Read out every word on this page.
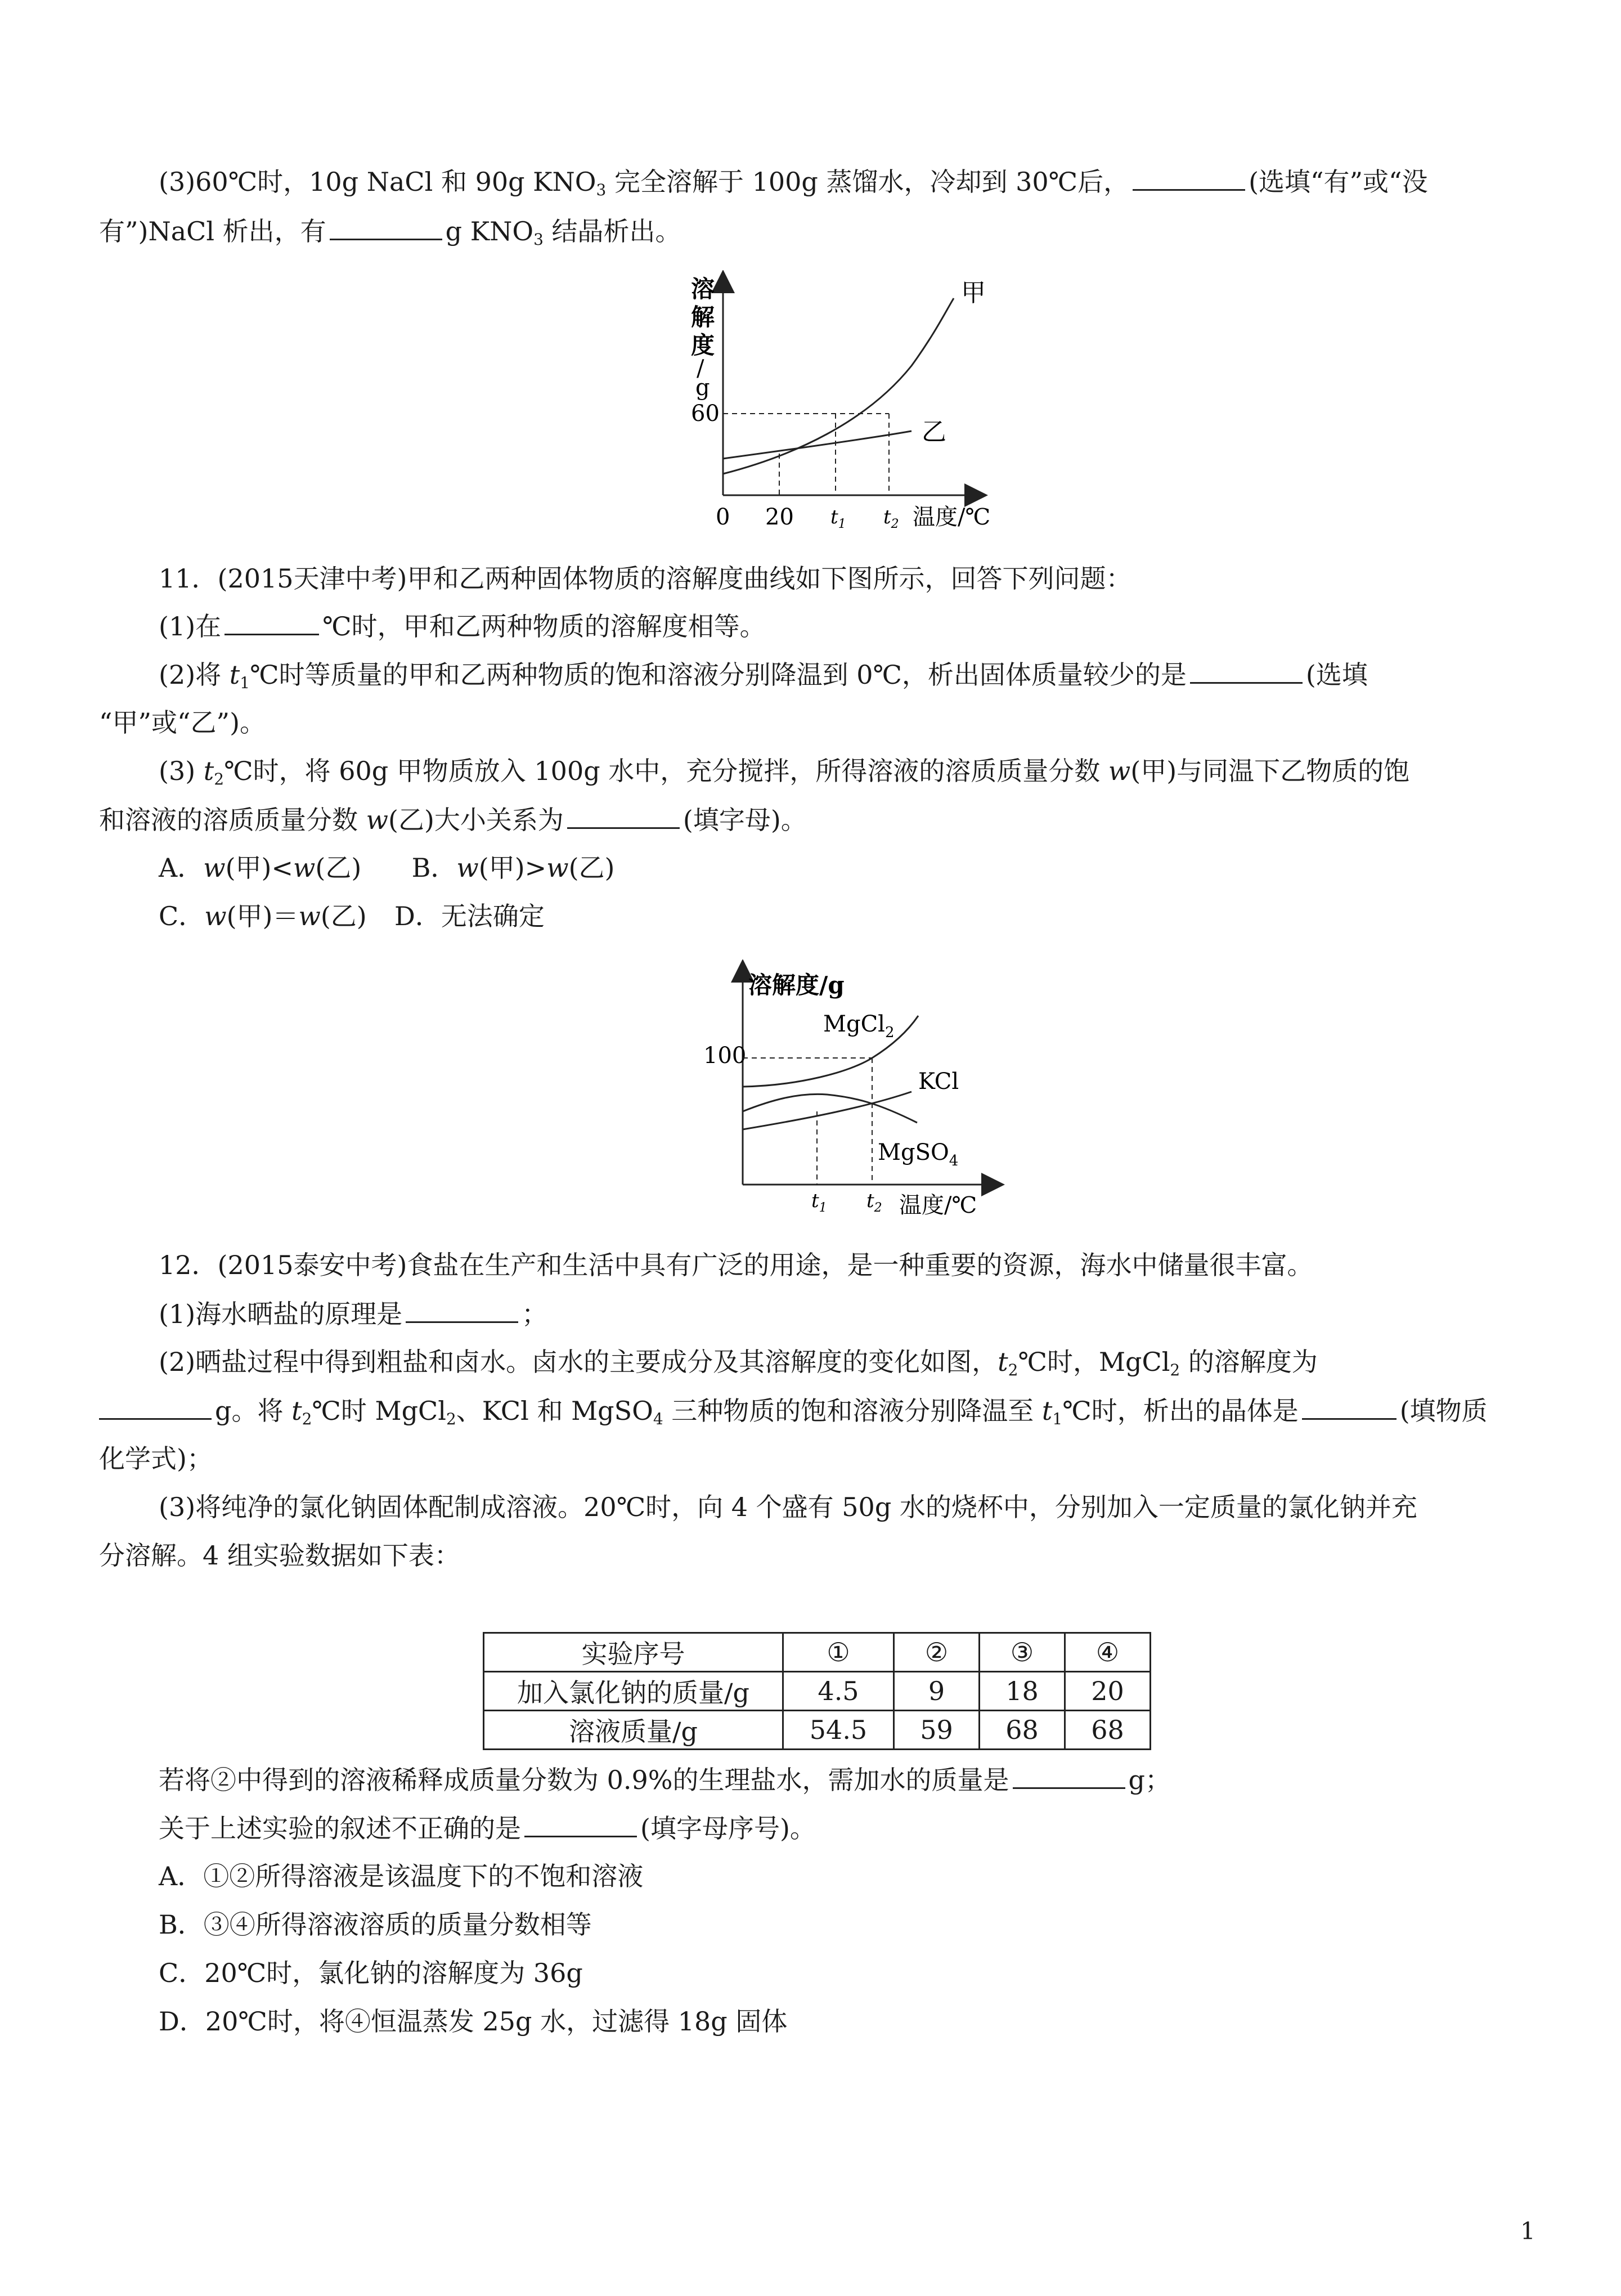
(3)60℃时，10g NaCl 和 90g $KNO_3$ 完全溶解于 100g 蒸馏水，冷却到 30℃后，	(选填“有”或“没
有”)NaCl 析出，有	g $KNO_3$ 结晶析出。
溶
解
度
/
g
60
甲
乙
0 20 $t_1$ $t_2$ 温度/℃
11．(2015天津中考)甲和乙两种固体物质的溶解度曲线如下图所示，回答下列问题：
(1)在	℃时，甲和乙两种物质的溶解度相等。
(2)将 $t_1℃$时等质量的甲和乙两种物质的饱和溶液分别降温到 0℃，析出固体质量较少的是	(选填
“甲”或“乙”)。
(3) $t_2℃$时，将 60g 甲物质放入 100g 水中，充分搅拌，所得溶液的溶质质量分数 w(甲)与同温下乙物质的饱
和溶液的溶质质量分数 w(乙)大小关系为	(填字母)。
A．w(甲)<w(乙) B．w(甲)>w(乙)
C．w(甲)＝w(乙) D．无法确定
溶解度/g
100
MgCl$_2$
KCl
MgSO$_4$
$t_1$ $t_2$ 温度/℃
12．(2015泰安中考)食盐在生产和生活中具有广泛的用途，是一种重要的资源，海水中储量很丰富。
(1)海水晒盐的原理是	；
(2)晒盐过程中得到粗盐和卤水。卤水的主要成分及其溶解度的变化如图，$t_2℃$时，MgCl$_2$ 的溶解度为
g。将 $t_2℃$时 MgCl$_2$、KCl 和 MgSO$_4$ 三种物质的饱和溶液分别降温至 $t_1℃$时，析出的晶体是	(填物质
化学式)；
(3)将纯净的氯化钠固体配制成溶液。20℃时，向 4 个盛有 50g 水的烧杯中，分别加入一定质量的氯化钠并充
分溶解。4 组实验数据如下表：
实验序号	①	②	③	④
加入氯化钠的质量/g	4.5	9	18	20
溶液质量/g	54.5	59	68	68
若将②中得到的溶液稀释成质量分数为 0.9%的生理盐水，需加水的质量是	g；
关于上述实验的叙述不正确的是	(填字母序号)。
A．①②所得溶液是该温度下的不饱和溶液
B．③④所得溶液溶质的质量分数相等
C．20℃时，氯化钠的溶解度为 36g
D．20℃时，将④恒温蒸发 25g 水，过滤得 18g 固体
1
